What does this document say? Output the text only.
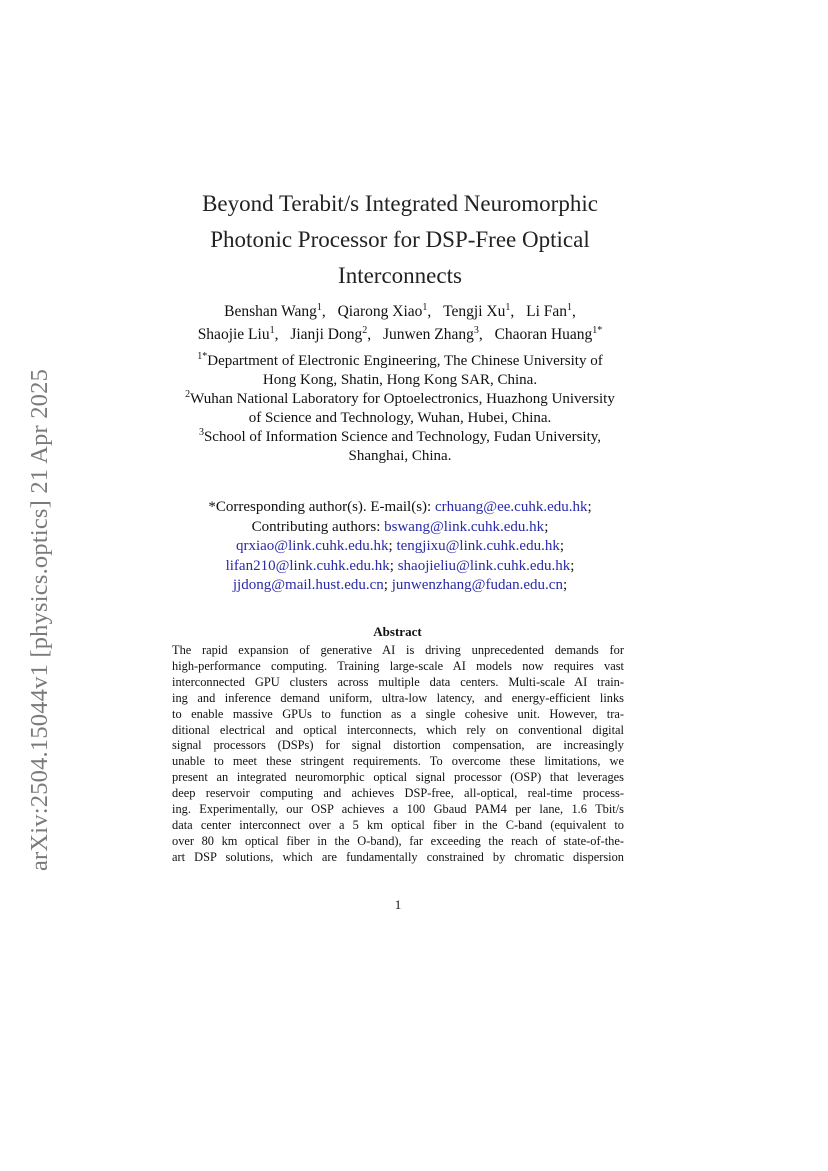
arXiv:2504.15044v1 [physics.optics] 21 Apr 2025
Beyond Terabit/s Integrated Neuromorphic
Photonic Processor for DSP-Free Optical
Interconnects
Benshan Wang$^1$, Qiarong Xiao$^1$, Tengji Xu$^1$, Li Fan$^1$,
Shaojie Liu$^1$, Jianji Dong$^2$, Junwen Zhang$^3$, Chaoran Huang$^{1*}$
$^{1*}$Department of Electronic Engineering, The Chinese University of
Hong Kong, Shatin, Hong Kong SAR, China.
$^2$Wuhan National Laboratory for Optoelectronics, Huazhong University
of Science and Technology, Wuhan, Hubei, China.
$^3$School of Information Science and Technology, Fudan University,
Shanghai, China.
*Corresponding author(s). E-mail(s): crhuang@ee.cuhk.edu.hk;
Contributing authors: bswang@link.cuhk.edu.hk;
qrxiao@link.cuhk.edu.hk; tengjixu@link.cuhk.edu.hk;
lifan210@link.cuhk.edu.hk; shaojieliu@link.cuhk.edu.hk;
jjdong@mail.hust.edu.cn; junwenzhang@fudan.edu.cn;
Abstract
The rapid expansion of generative AI is driving unprecedented demands for
high-performance computing. Training large-scale AI models now requires vast
interconnected GPU clusters across multiple data centers. Multi-scale AI train-
ing and inference demand uniform, ultra-low latency, and energy-efficient links
to enable massive GPUs to function as a single cohesive unit. However, tra-
ditional electrical and optical interconnects, which rely on conventional digital
signal processors (DSPs) for signal distortion compensation, are increasingly
unable to meet these stringent requirements. To overcome these limitations, we
present an integrated neuromorphic optical signal processor (OSP) that leverages
deep reservoir computing and achieves DSP-free, all-optical, real-time process-
ing. Experimentally, our OSP achieves a 100 Gbaud PAM4 per lane, 1.6 Tbit/s
data center interconnect over a 5 km optical fiber in the C-band (equivalent to
over 80 km optical fiber in the O-band), far exceeding the reach of state-of-the-
art DSP solutions, which are fundamentally constrained by chromatic dispersion
1
